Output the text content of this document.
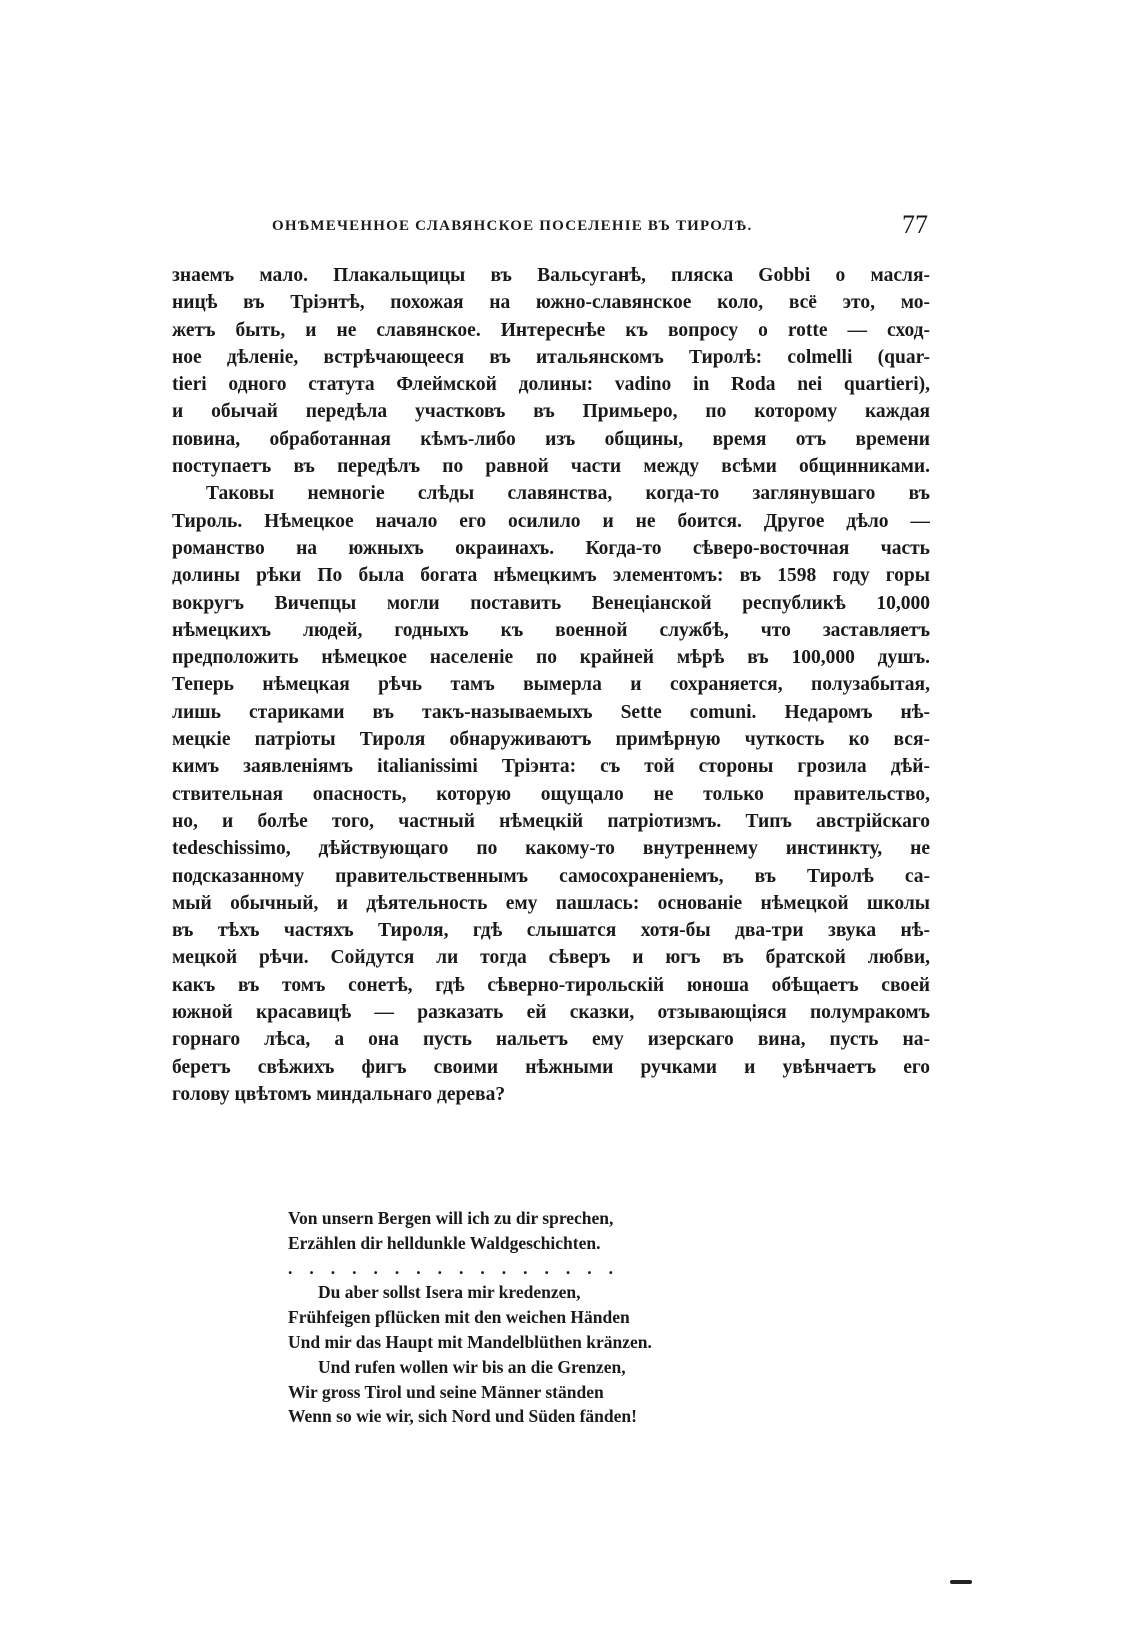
ОНѢМЕЧЕННОЕ СЛАВЯНСКОЕ ПОСЕЛЕНІЕ ВЪ ТИРОЛѢ.	77
знаемъ мало. Плакальщицы въ Вальсуганѣ, пляска Gobbi о масля-
ницѣ въ Тріэнтѣ, похожая на южно-славянское коло, всё это, мо-
жетъ быть, и не славянское. Интереснѣе къ вопросу о rotte — сход-
ное дѣленіе, встрѣчающееся въ итальянскомъ Тиролѣ: colmelli (quar-
tieri одного статута Флеймской долины: vadino in Roda nei quartieri),
и обычай передѣла участковъ въ Примьеро, по которому каждая
повина, обработанная кѣмъ-либо изъ общины, время отъ времени
поступаетъ въ передѣлъ по равной части между всѣми общинниками.
Таковы немногіе слѣды славянства, когда-то заглянувшаго въ
Тироль. Нѣмецкое начало его осилило и не боится. Другое дѣло —
романство на южныхъ окраинахъ. Когда-то сѣверо-восточная часть
долины рѣки По была богата нѣмецкимъ элементомъ: въ 1598 году горы
вокругъ Вичепцы могли поставить Венеціанской республикѣ 10,000
нѣмецкихъ людей, годныхъ къ военной службѣ, что заставляетъ
предположить нѣмецкое населеніе по крайней мѣрѣ въ 100,000 душъ.
Теперь нѣмецкая рѣчь тамъ вымерла и сохраняется, полузабытая,
лишь стариками въ такъ-называемыхъ Sette comuni. Недаромъ нѣ-
мецкіе патріоты Тироля обнаруживаютъ примѣрную чуткость ко вся-
кимъ заявленіямъ italianissimi Тріэнта: съ той стороны грозила дѣй-
ствительная опасность, которую ощущало не только правительство,
но, и болѣе того, частный нѣмецкій патріотизмъ. Типъ австрійскаго
tedeschissimo, дѣйствующаго по какому-то внутреннему инстинкту, не
подсказанному правительственнымъ самосохраненіемъ, въ Тиролѣ са-
мый обычный, и дѣятельность ему пашлась: основаніе нѣмецкой школы
въ тѣхъ частяхъ Тироля, гдѣ слышатся хотя-бы два-три звука нѣ-
мецкой рѣчи. Сойдутся ли тогда сѣверъ и югъ въ братской любви,
какъ въ томъ сонетѣ, гдѣ сѣверно-тирольскій юноша обѣщаетъ своей
южной красавицѣ — разказать ей сказки, отзывающіяся полумракомъ
горнаго лѣса, а она пусть нальетъ ему изерскаго вина, пусть на-
беретъ свѣжихъ фигъ своими нѣжными ручками и увѣнчаетъ его
голову цвѣтомъ миндальнаго дерева?
Von unsern Bergen will ich zu dir sprechen,
Erzählen dir helldunkle Waldgeschichten.
................
Du aber sollst Isera mir kredenzen,
Frühfeigen pflücken mit den weichen Händen
Und mir das Haupt mit Mandelblüthen kränzen.
Und rufen wollen wir bis an die Grenzen,
Wir gross Tirol und seine Männer ständen
Wenn so wie wir, sich Nord und Süden fänden!
